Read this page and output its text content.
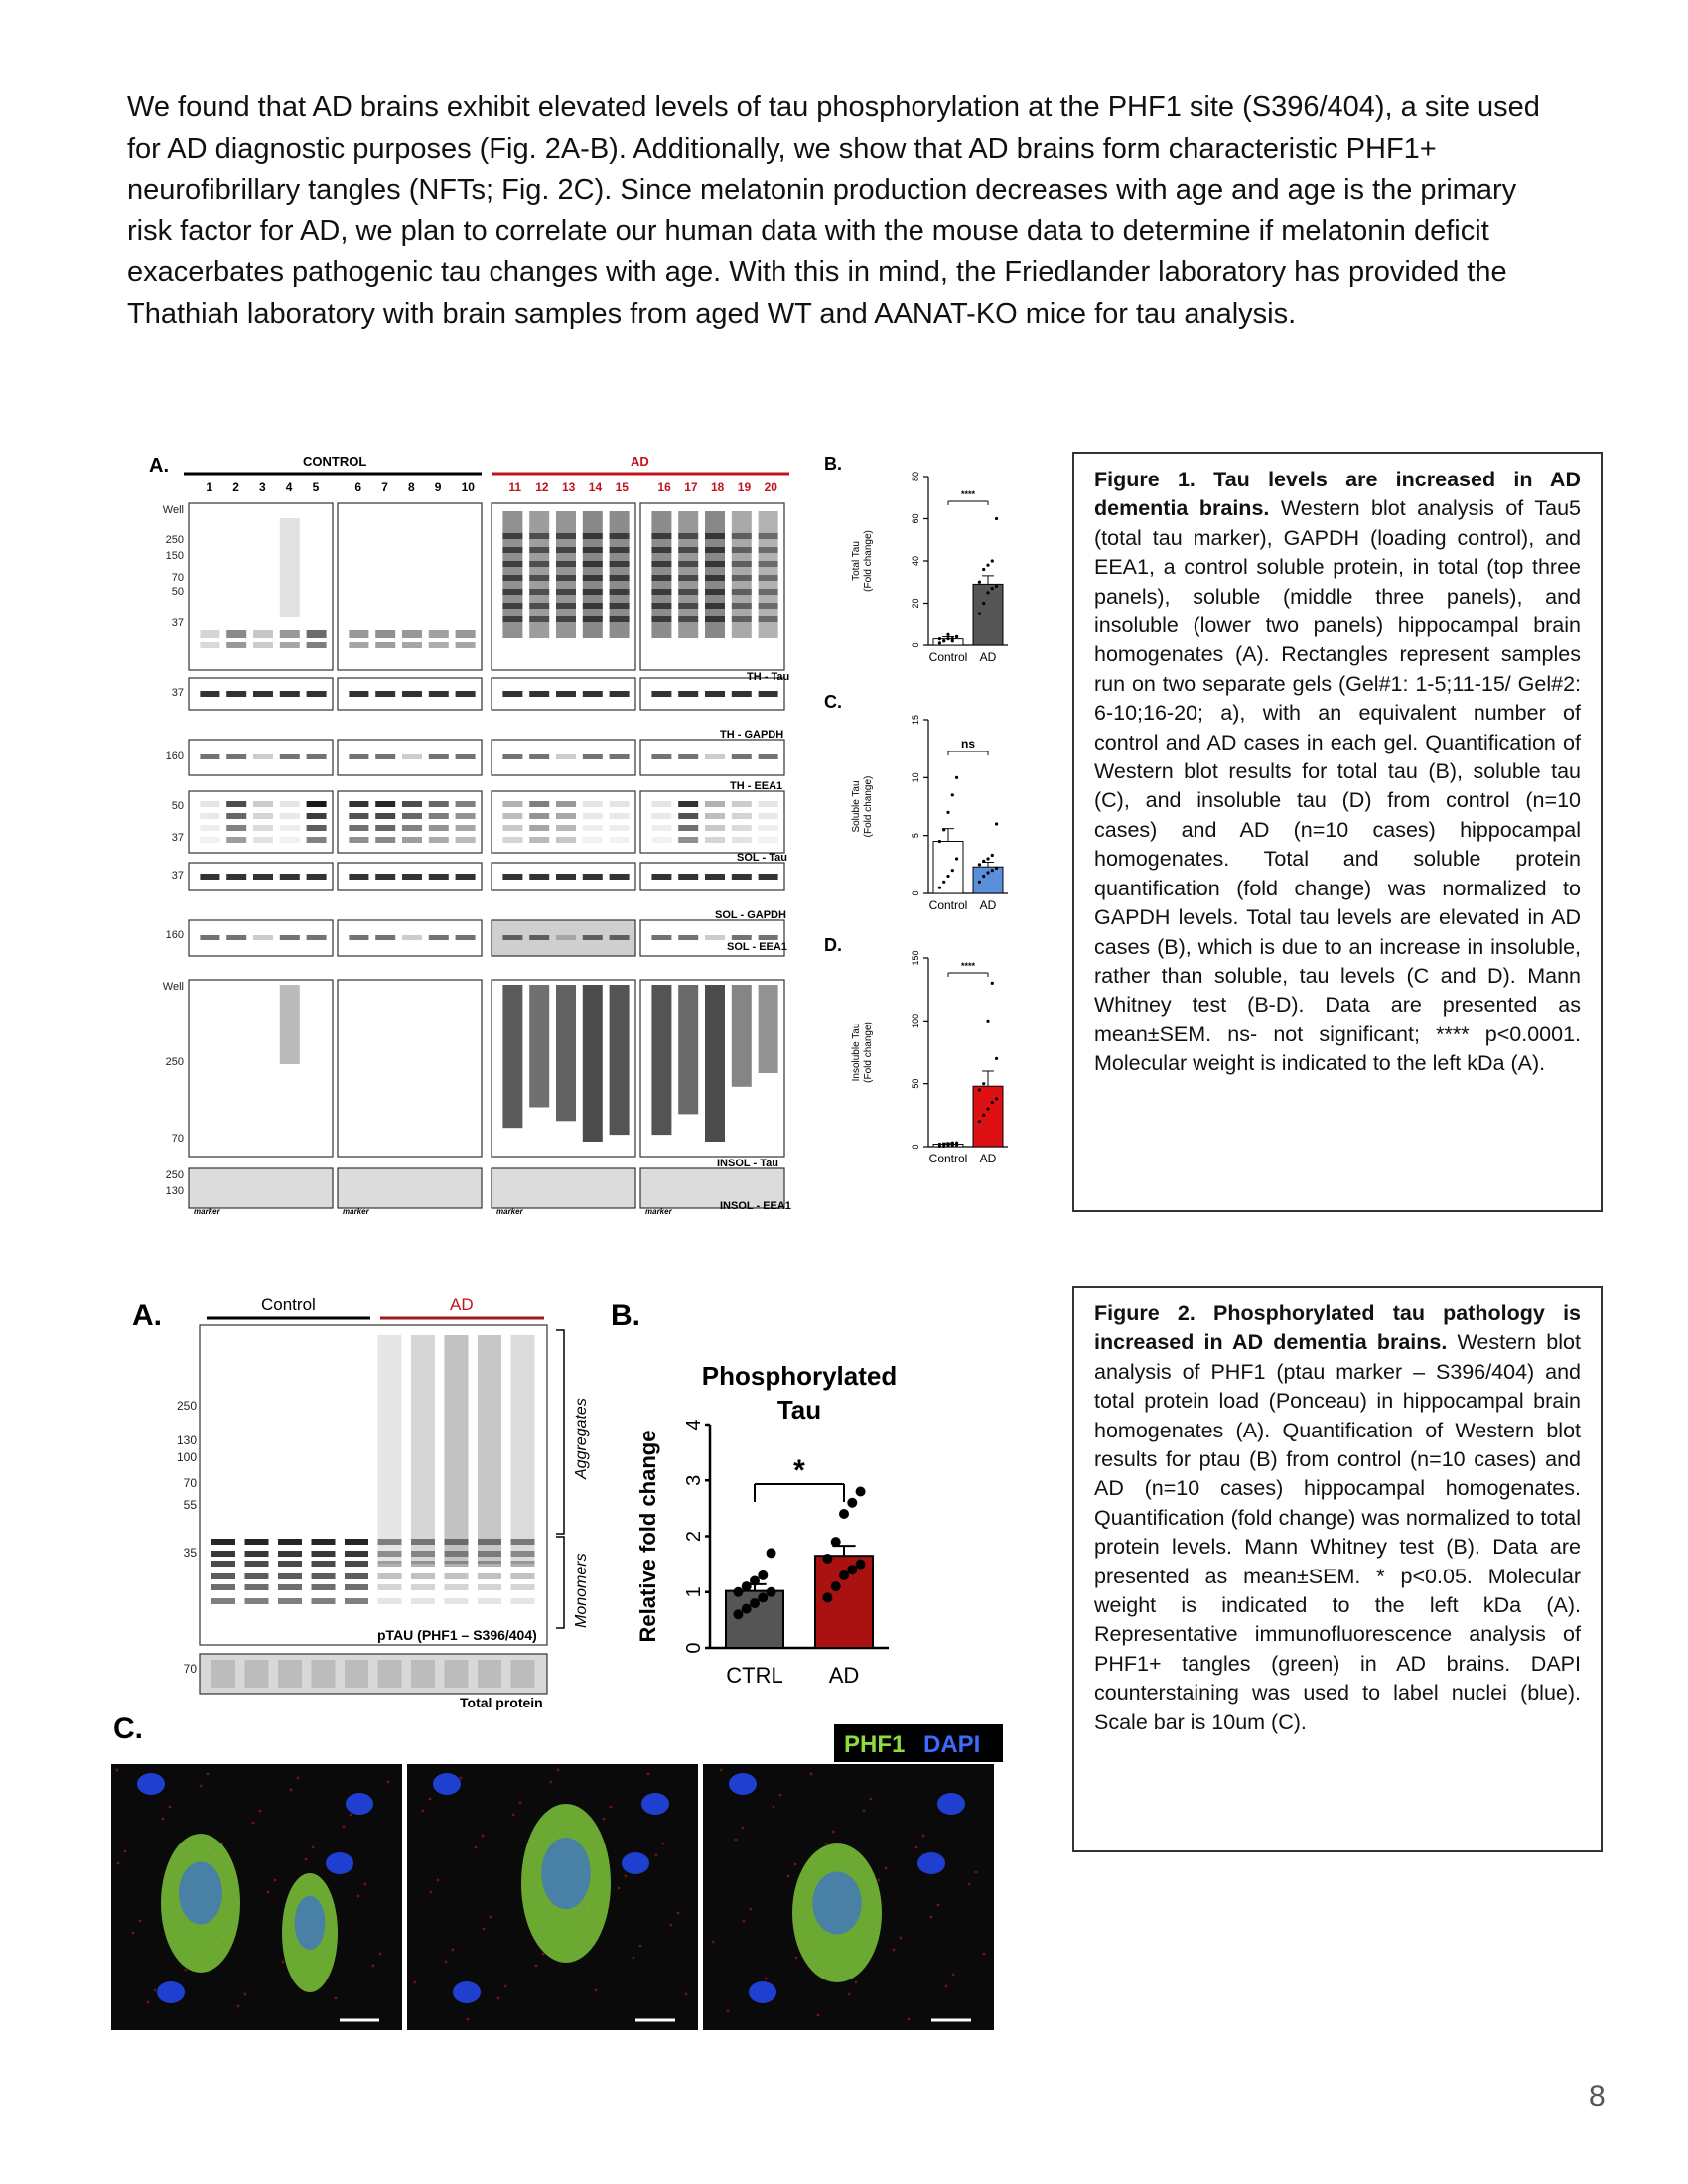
We found that AD brains exhibit elevated levels of tau phosphorylation at the PHF1 site (S396/404), a site used for AD diagnostic purposes (Fig. 2A-B). Additionally, we show that AD brains form characteristic PHF1+ neurofibrillary tangles (NFTs; Fig. 2C). Since melatonin production decreases with age and age is the primary risk factor for AD, we plan to correlate our human data with the mouse data to determine if melatonin deficit exacerbates pathogenic tau changes with age. With this in mind, the Friedlander laboratory has provided the Thathiah laboratory with brain samples from aged WT and AANAT-KO mice for tau analysis.
A.	CONTROL	AD
1 2 3 4 5	6 7 8 9 10	11 12 13 14 15 16 17 18 19 20
Well
250
150
70
50
37
37
160
50
37
37
160
Well
250
70
250
130
TH - Tau
TH - GAPDH
TH - EEA1
SOL - Tau
SOL - GAPDH
SOL - EEA1
INSOL - Tau
INSOL - EEA1
marker	marker	marker	marker
B.
0
20
40
60
80
Total Tau(Fold change)
Control AD
****
C.
0
5
10
15
Soluble Tau(Fold change)
Control AD
ns
D.
0
50
100
150
Insoluble Tau(Fold change)
Control AD
****
Figure 1. Tau levels are increased in AD dementia brains. Western blot analysis of Tau5 (total tau marker), GAPDH (loading control), and EEA1, a control soluble protein, in total (top three panels), soluble (middle three panels), and insoluble (lower two panels) hippocampal brain homogenates (A). Rectangles represent samples run on two separate gels (Gel#1: 1-5;11-15/ Gel#2: 6-10;16-20; a), with an equivalent number of control and AD cases in each gel. Quantification of Western blot results for total tau (B), soluble tau (C), and insoluble tau (D) from control (n=10 cases) and AD (n=10 cases) hippocampal homogenates. Total and soluble protein quantification (fold change) was normalized to GAPDH levels. Total tau levels are elevated in AD cases (B), which is due to an increase in insoluble, rather than soluble, tau levels (C and D). Mann Whitney test (B-D). Data are presented as mean±SEM. ns- not significant; **** p<0.0001. Molecular weight is indicated to the left kDa (A).
A.	Control	AD
250
130
100
70
55
35
70
pTAU (PHF1 – S396/404)
Total protein
Aggregates
Monomers
B.
Phosphorylated
Tau
0
1
2
3
4
Relative fold change
CTRL AD
*
C.	PHF1 DAPI
Figure 2. Phosphorylated tau pathology is increased in AD dementia brains. Western blot analysis of PHF1 (ptau marker – S396/404) and total protein load (Ponceau) in hippocampal brain homogenates (A). Quantification of Western blot results for ptau (B) from control (n=10 cases) and AD (n=10 cases) hippocampal homogenates. Quantification (fold change) was normalized to total protein levels. Mann Whitney test (B). Data are presented as mean±SEM. * p<0.05. Molecular weight is indicated to the left kDa (A). Representative immunofluorescence analysis of PHF1+ tangles (green) in AD brains. DAPI counterstaining was used to label nuclei (blue). Scale bar is 10um (C).
8
